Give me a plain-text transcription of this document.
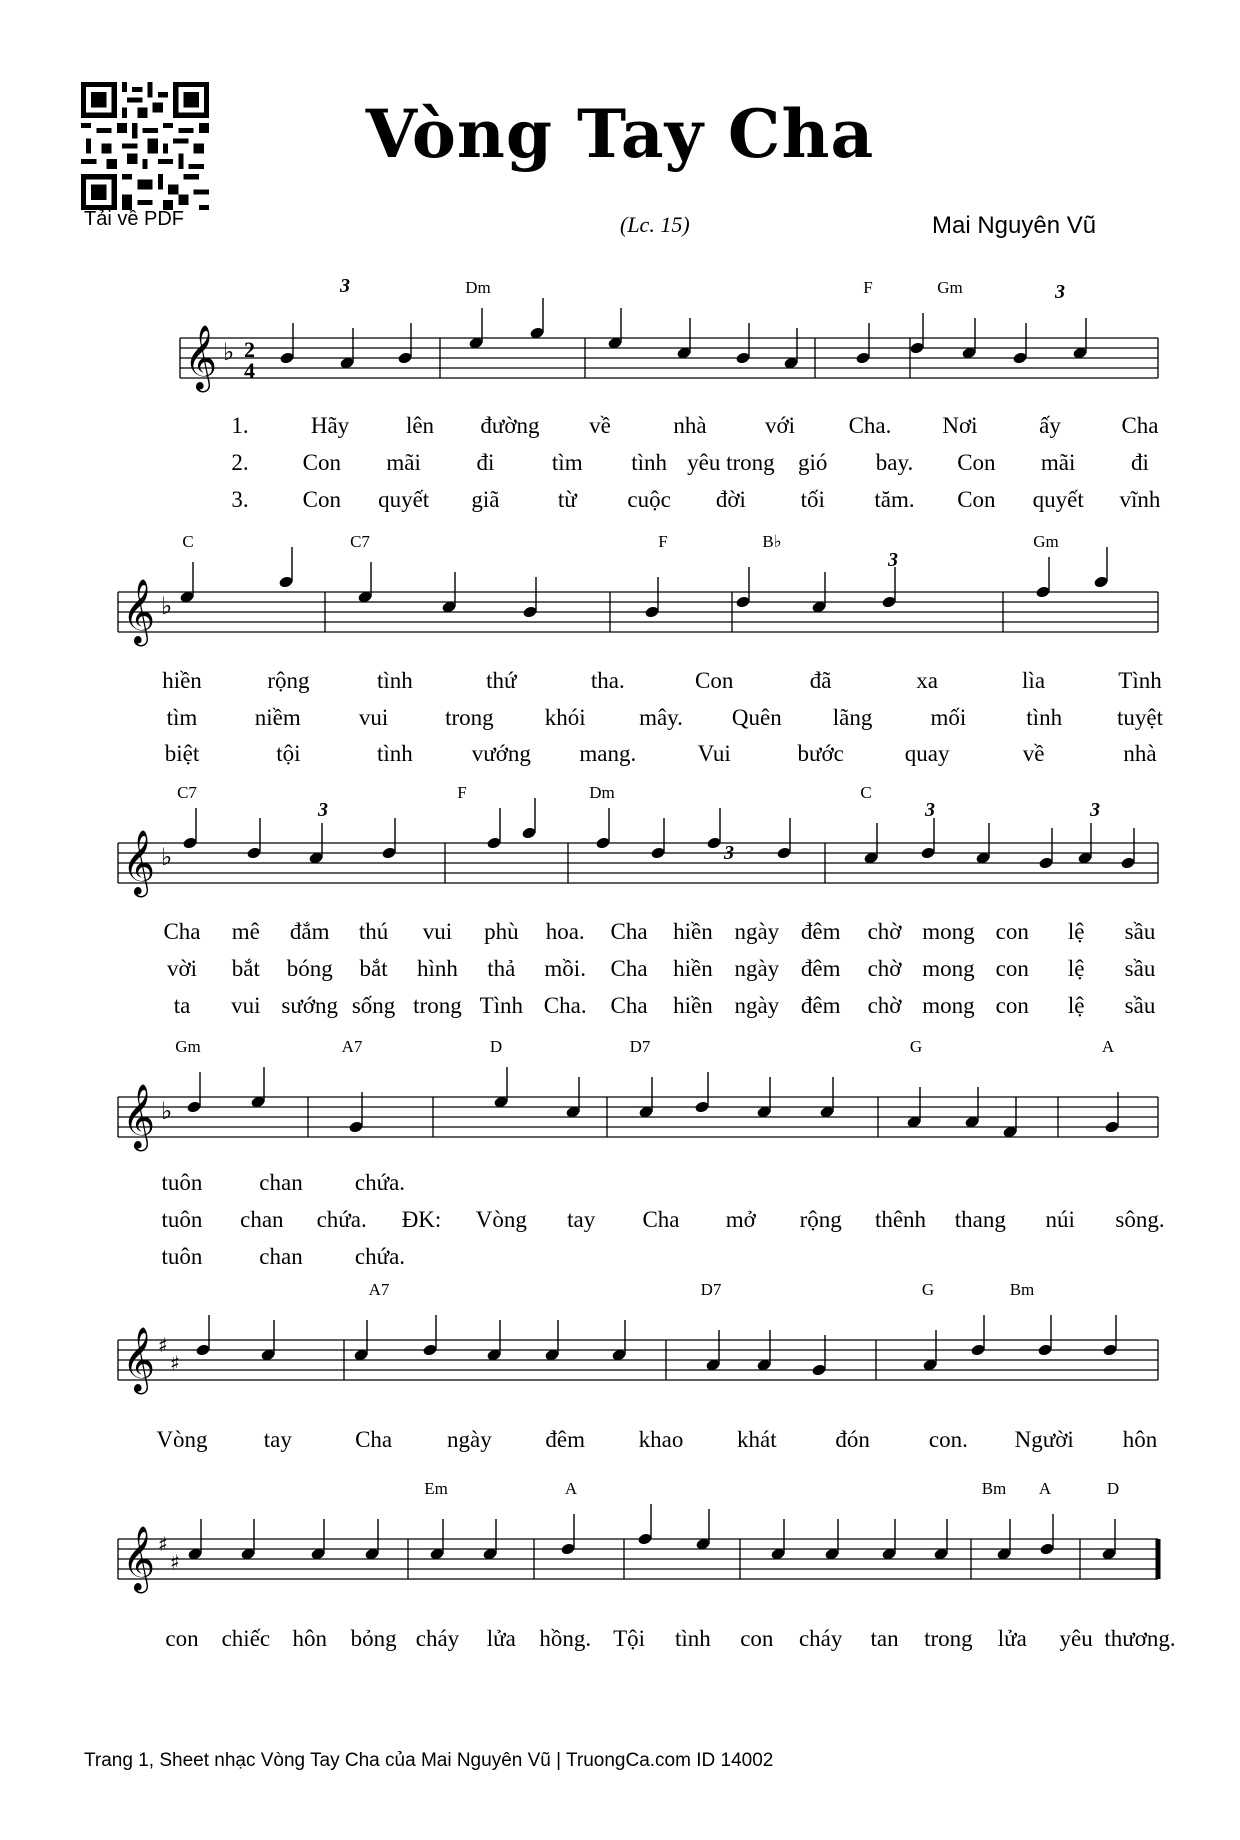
Vòng Tay Cha
(Lc. 15)	Mai Nguyên Vũ
Tải về PDF
𝄞 ♭ 2
4
3	3
Dm	F	Gm
1.	Hãy lên đường về	nhà	với Cha. Nơi	ấy	Cha
2. Con mãi đi	tìm tình yêu trong gió bay. Con mãi đi
3. Con quyết giã	từ cuộc đời tối tăm. Con quyết vĩnh
𝄞 ♭
3
C	C7	F	B♭	Gm
hiền	rộng	tình	thứ	tha.	Con	đã	xa	lìa	Tình
tìm niềm	vui trong khói mây. Quên lãng	mối	tình tuyệt
biệt	tội	tình	vướng mang.	Vui	bước	quay	về	nhà
𝄞 ♭
3
3
3	3
C7	F	Dm	C
Cha mê đắm thú vui phù hoa. Cha hiền ngày đêm chờ mong con lệ sầu
vời bắt bóng bắt hình thả mồi. Cha hiền ngày đêm chờ mong con lệ sầu
ta vui sướng sống trong Tình Cha. Cha hiền ngày đêm chờ mong con lệ sầu
𝄞 ♭
Gm	A7	D	D7	G	A
tuôn chan chứa.
tuôn chan chứa. ĐK: Vòng tay Cha mở rộng thênh thang núi sông.
tuôn chan chứa.
𝄞 ♯
♯
A7	D7	G	Bm
Vòng tay	Cha ngày đêm khao khát	đón	con. Người hôn
𝄞 ♯
♯
Em	A	Bm A	D
con chiếc hôn bỏng cháy lửa hồng. Tội tình con cháy tan trong lửa yêu thương.
Trang 1, Sheet nhạc Vòng Tay Cha của Mai Nguyên Vũ | TruongCa.com ID 14002
